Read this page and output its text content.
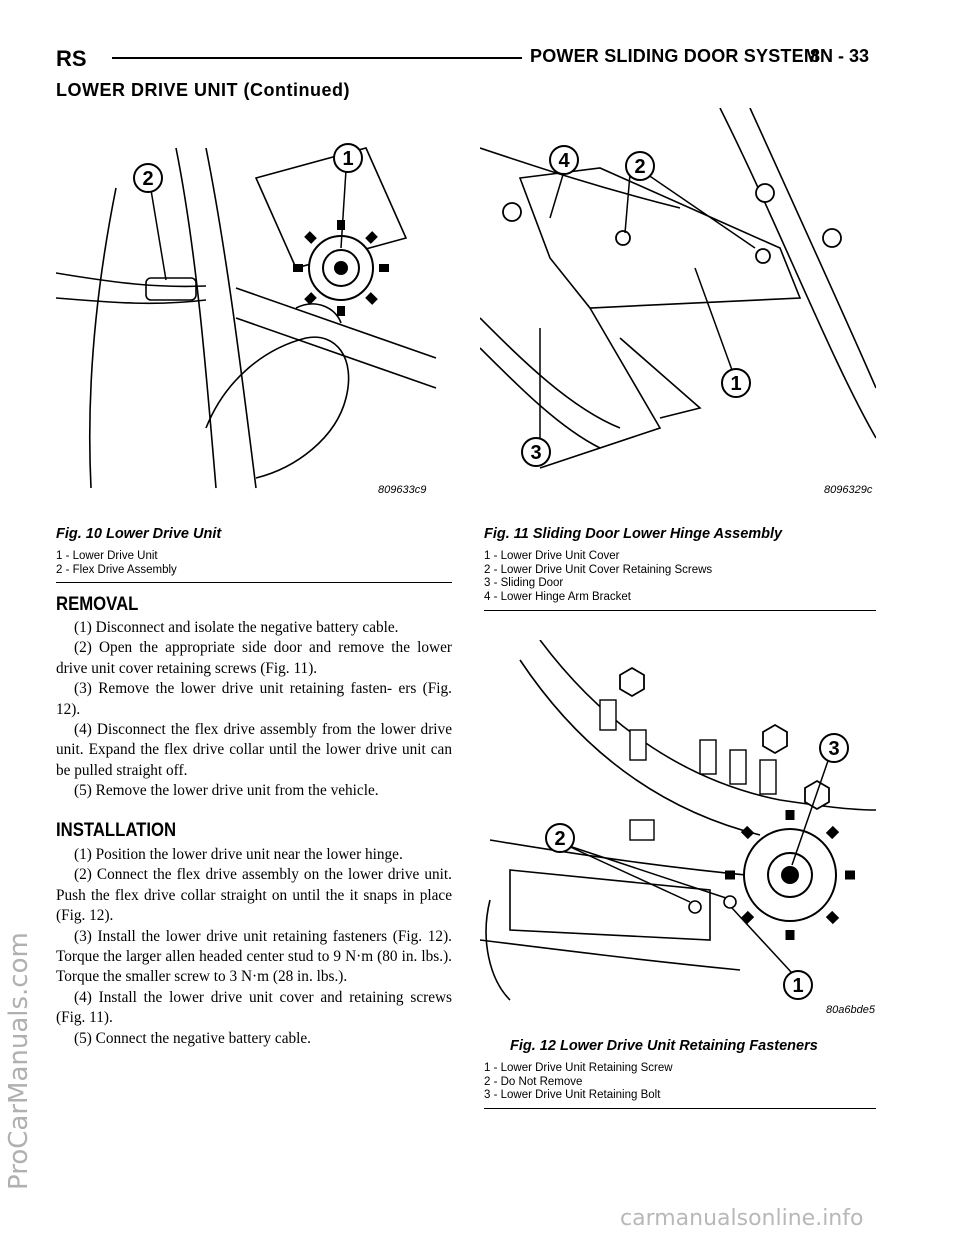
RS	POWER SLIDING DOOR SYSTEM
8N - 33
LOWER DRIVE UNIT (Continued)
ProCarManuals.com
carmanualsonline.info
1
2
809633c9
Fig. 10 Lower Drive Unit
1 - Lower Drive Unit
2 - Flex Drive Assembly
1
2
3
4
8096329c
Fig. 11 Sliding Door Lower Hinge Assembly
1 - Lower Drive Unit Cover
2 - Lower Drive Unit Cover Retaining Screws
3 - Sliding Door
4 - Lower Hinge Arm Bracket
1
2
3
80a6bde5
Fig. 12 Lower Drive Unit Retaining Fasteners
1 - Lower Drive Unit Retaining Screw
2 - Do Not Remove
3 - Lower Drive Unit Retaining Bolt
REMOVAL

(1) Disconnect and isolate the negative battery cable.

(2) Open the appropriate side door and remove the lower drive unit cover retaining screws (Fig. 11).

(3) Remove the lower drive unit retaining fasten- ers (Fig. 12).

(4) Disconnect the flex drive assembly from the lower drive unit. Expand the flex drive collar until the lower drive unit can be pulled straight off.

(5) Remove the lower drive unit from the vehicle.

INSTALLATION

(1) Position the lower drive unit near the lower hinge.

(2) Connect the flex drive assembly on the lower drive unit. Push the flex drive collar straight on until the it snaps in place (Fig. 12).

(3) Install the lower drive unit retaining fasteners (Fig. 12). Torque the larger allen headed center stud to 9 N·m (80 in. lbs.). Torque the smaller screw to 3 N·m (28 in. lbs.).

(4) Install the lower drive unit cover and retaining screws (Fig. 11).

(5) Connect the negative battery cable.
